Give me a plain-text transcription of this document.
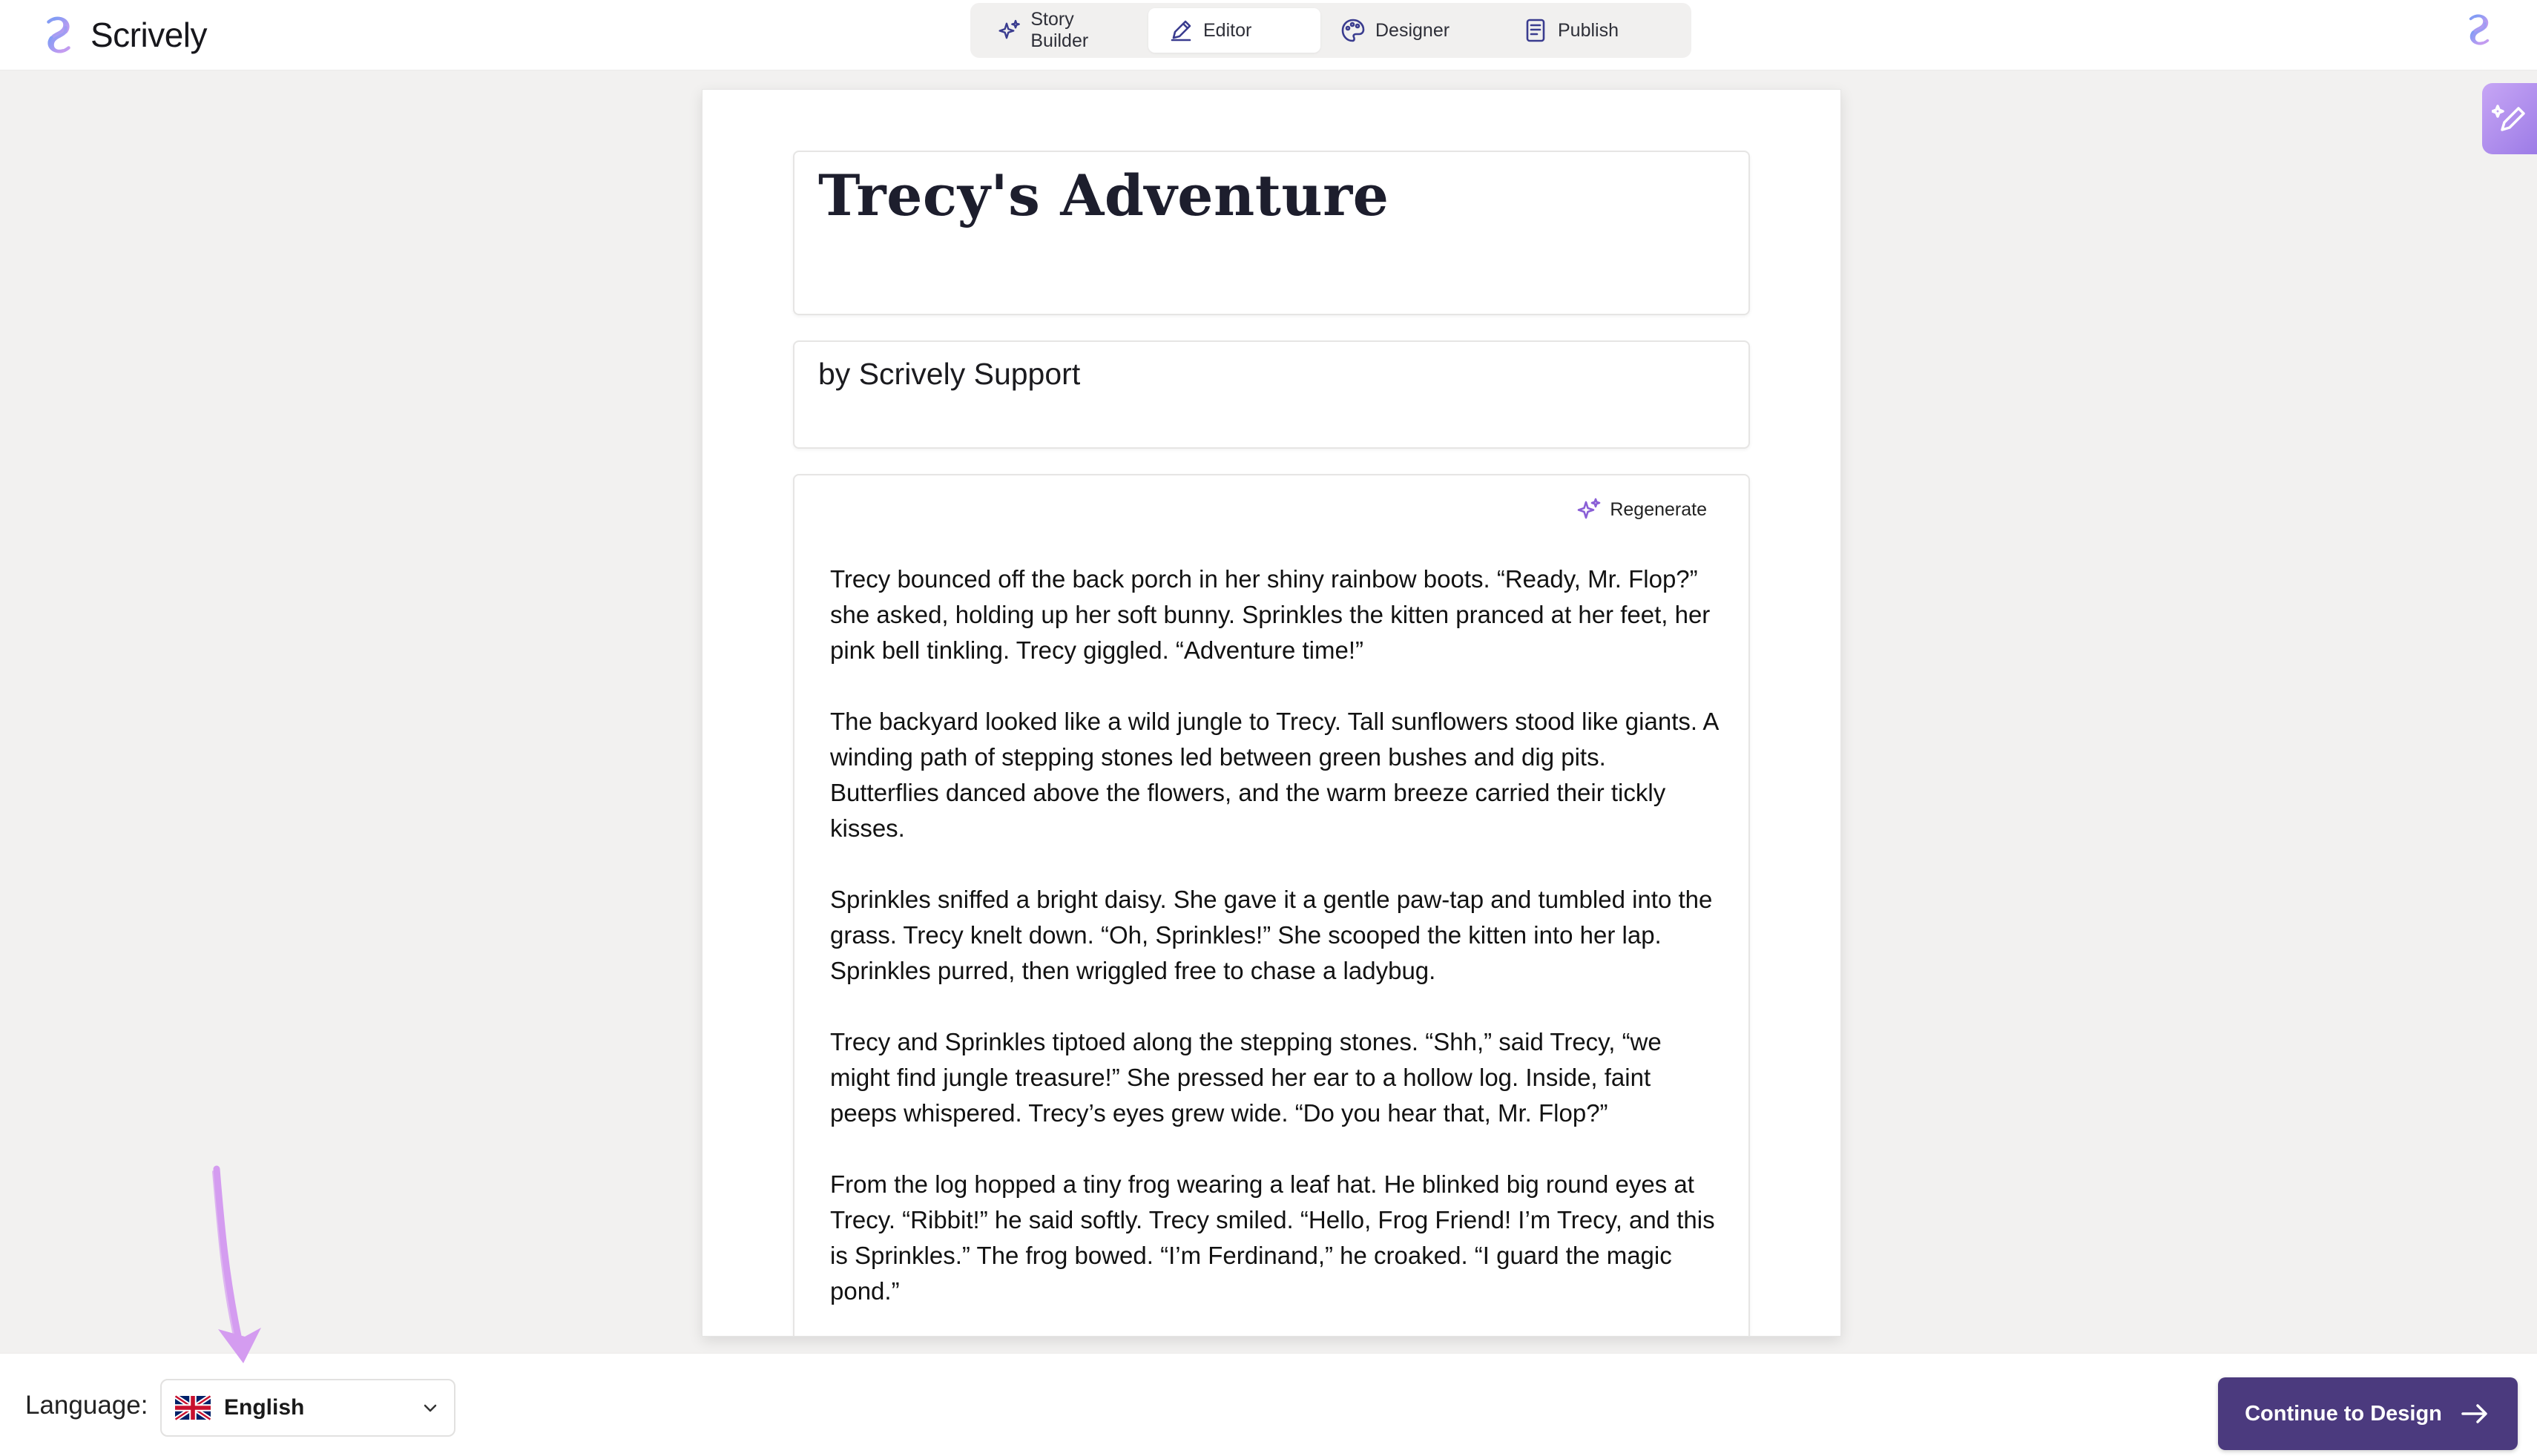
Scrively	Story Builder
Editor	Designer	Publish
Trecy's Adventure
by Scrively Support
Regenerate

Trecy bounced off the back porch in her shiny rainbow boots. “Ready, Mr. Flop?” she asked, holding up her soft bunny. Sprinkles the kitten pranced at her feet, her pink bell tinkling. Trecy giggled. “Adventure time!”

The backyard looked like a wild jungle to Trecy. Tall sunflowers stood like giants. A winding path of stepping stones led between green bushes and dig pits. Butterflies danced above the flowers, and the warm breeze carried their tickly kisses.

Sprinkles sniffed a bright daisy. She gave it a gentle paw-tap and tumbled into the grass. Trecy knelt down. “Oh, Sprinkles!” She scooped the kitten into her lap. Sprinkles purred, then wriggled free to chase a ladybug.

Trecy and Sprinkles tiptoed along the stepping stones. “Shh,” said Trecy, “we might find jungle treasure!” She pressed her ear to a hollow log. Inside, faint peeps whispered. Trecy’s eyes grew wide. “Do you hear that, Mr. Flop?”

From the log hopped a tiny frog wearing a leaf hat. He blinked big round eyes at Trecy. “Ribbit!” he said softly. Trecy smiled. “Hello, Frog Friend! I’m Trecy, and this is Sprinkles.” The frog bowed. “I’m Ferdinand,” he croaked. “I guard the magic pond.”

Language:	English	Continue to Design
